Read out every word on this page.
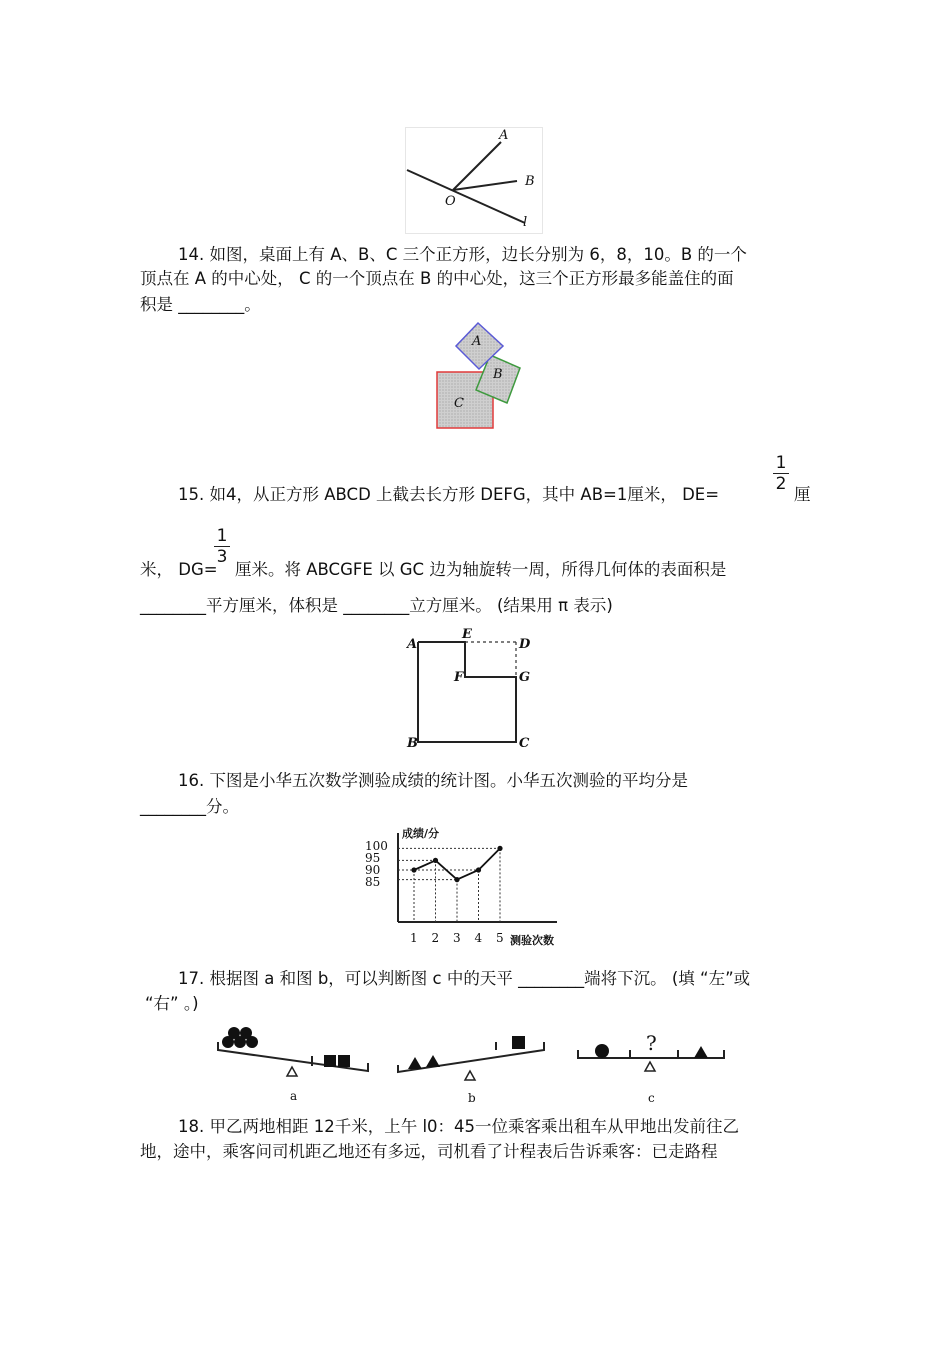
A
B
O
l
14. 如图，桌面上有 A、B、C 三个正方形，边长分别为 6，8，10。B 的一个
顶点在 A 的中心处， C 的一个顶点在 B 的中心处，这三个正方形最多能盖住的面
积是 ________。
A
B
C
15. 如4，从正方形 ABCD 上截去长方形 DEFG，其中 AB=1厘米， DE=
1
2
厘
米， DG=
1
3
厘米。将 ABCGFE 以 GC 边为轴旋转一周，所得几何体的表面积是
________平方厘米，体积是 ________立方厘米。 (结果用 π 表示)
A
E
D
F	G
B	C
16. 下图是小华五次数学测验成绩的统计图。小华五次测验的平均分是
________分。
成绩/分
测验次数
100
95
90
85
1 2 3 4 5
17. 根据图 a 和图 b，可以判断图 c 中的天平 ________端将下沉。 (填 “左”或
“右” 。)
a	b
?
c
18. 甲乙两地相距 12千米，上午 l0：45一位乘客乘出租车从甲地出发前往乙
地，途中，乘客问司机距乙地还有多远，司机看了计程表后告诉乘客：已走路程
